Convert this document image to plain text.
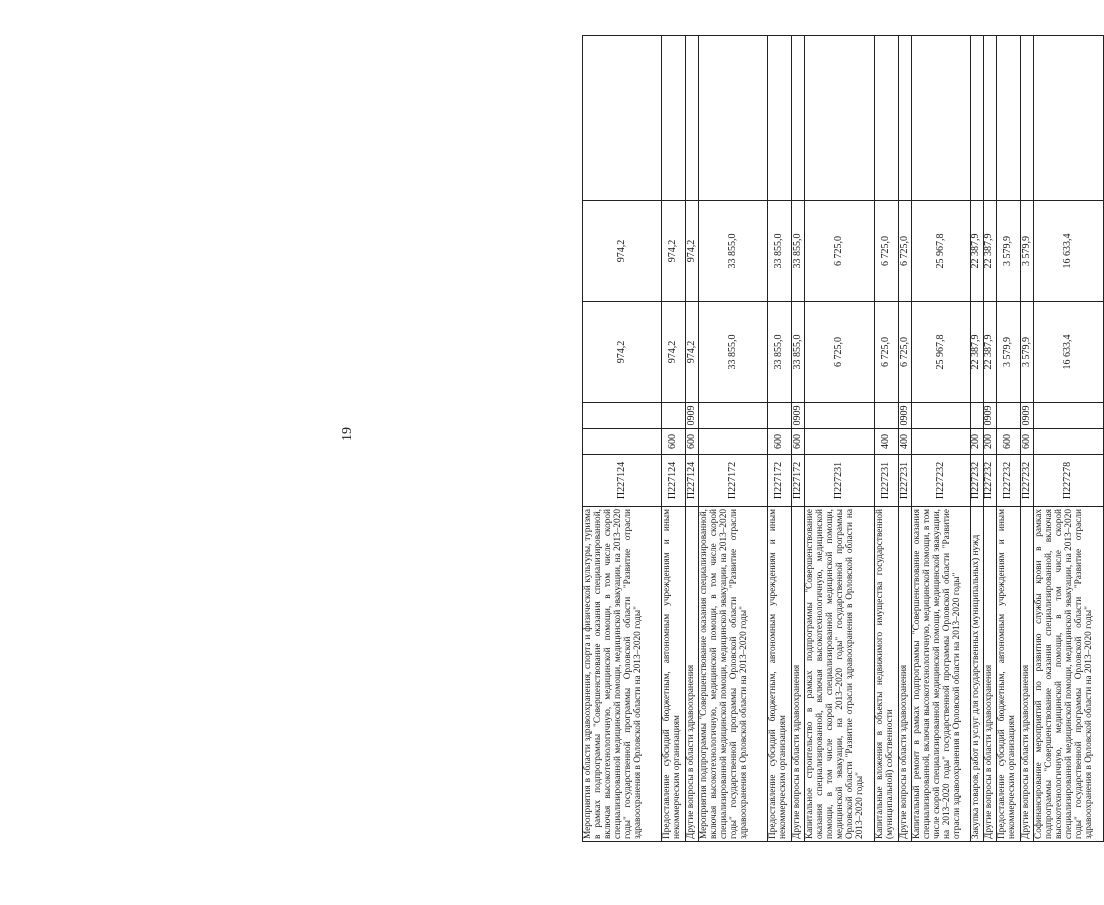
19
Мероприятия в области здравоохранения, спорта и физической культуры, туризма в рамках подпрограммы "Совершенствование оказания специализированной, включая высокотехнологичную, медицинской помощи, в том числе скорой специализированной медицинской помощи, медицинской эвакуации, на 2013–2020 годы" государственной программы Орловской области "Развитие отрасли здравоохранения в Орловской области на 2013–2020 годы"	П227124			974,2	974,2	
Предоставление субсидий бюджетным, автономным учреждениям и иным некоммерческим организациям	П227124	600		974,2	974,2	
Другие вопросы в области здравоохранения	П227124	600	0909	974,2	974,2	
Мероприятия подпрограммы "Совершенствование оказания специализированной, включая высокотехнологичную, медицинской помощи, в том числе скорой специализированной медицинской помощи, медицинской эвакуации, на 2013–2020 годы" государственной программы Орловской области "Развитие отрасли здравоохранения в Орловской области на 2013–2020 годы"	П227172			33 855,0	33 855,0	
Предоставление субсидий бюджетным, автономным учреждениям и иным некоммерческим организациям	П227172	600		33 855,0	33 855,0	
Другие вопросы в области здравоохранения	П227172	600	0909	33 855,0	33 855,0	
Капитальное строительство в рамках подпрограммы "Совершенствование оказания специализированной, включая высокотехнологичную, медицинской помощи, в том числе скорой специализированной медицинской помощи, медицинской эвакуации, на 2013–2020 годы" государственной программы Орловской области "Развитие отрасли здравоохранения в Орловской области на 2013–2020 годы"	П227231			6 725,0	6 725,0	
Капитальные вложения в объекты недвижимого имущества государственной (муниципальной) собственности	П227231	400		6 725,0	6 725,0	
Другие вопросы в области здравоохранения	П227231	400	0909	6 725,0	6 725,0	
Капитальный ремонт в рамках подпрограммы "Совершенствование оказания специализированной, включая высокотехнологичную, медицинской помощи, в том числе скорой специализированной медицинской помощи, медицинской эвакуации, на 2013–2020 годы" государственной программы Орловской области "Развитие отрасли здравоохранения в Орловской области на 2013–2020 годы"	П227232			25 967,8	25 967,8	
Закупка товаров, работ и услуг для государственных (муниципальных) нужд	П227232	200		22 387,9	22 387,9	
Другие вопросы в области здравоохранения	П227232	200	0909	22 387,9	22 387,9	
Предоставление субсидий бюджетным, автономным учреждениям и иным некоммерческим организациям	П227232	600		3 579,9	3 579,9	
Другие вопросы в области здравоохранения	П227232	600	0909	3 579,9	3 579,9	
Софинансирование мероприятий по развитию службы крови в рамках подпрограммы "Совершенствование оказания специализированной, включая высокотехнологичную, медицинской помощи, в том числе скорой специализированной медицинской помощи, медицинской эвакуации, на 2013–2020 годы" государственной программы Орловской области "Развитие отрасли здравоохранения в Орловской области на 2013–2020 годы"	П227278			16 633,4	16 633,4	
